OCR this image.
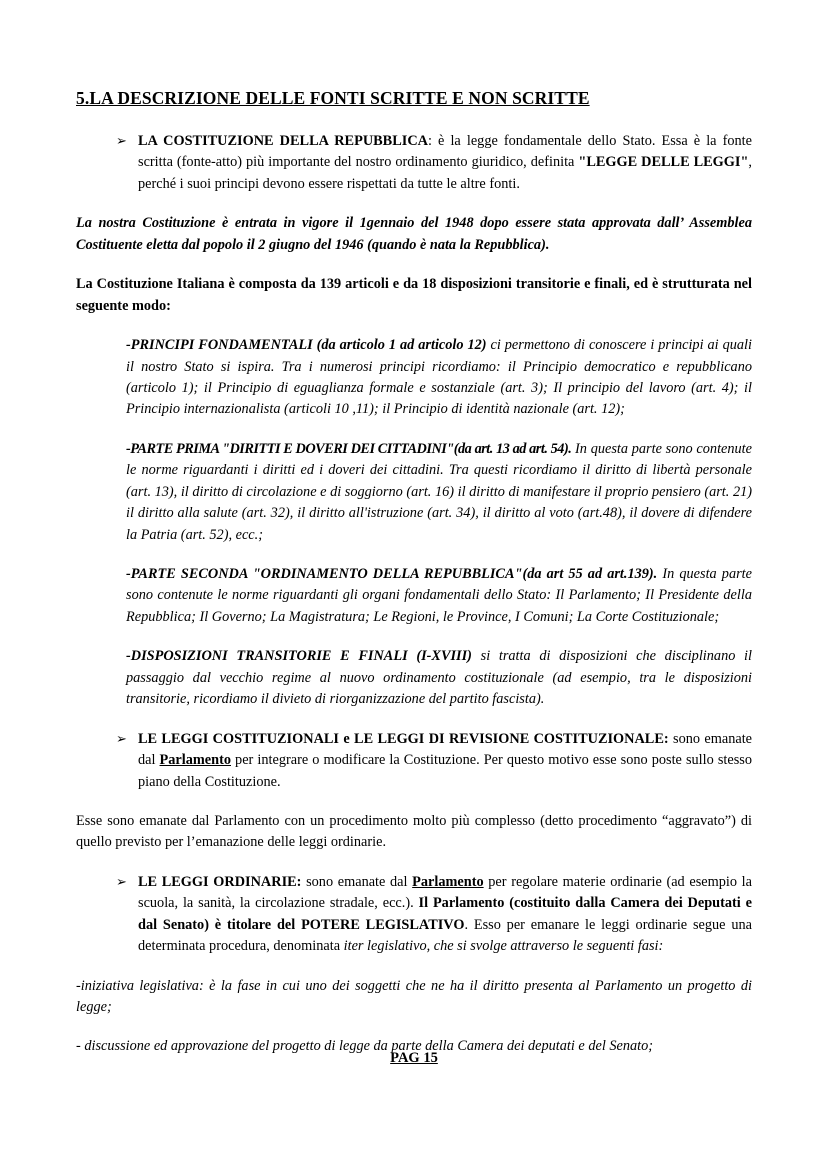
5.LA DESCRIZIONE DELLE FONTI SCRITTE E NON SCRITTE
➢ LA COSTITUZIONE DELLA REPUBBLICA: è la legge fondamentale dello Stato. Essa è la fonte scritta (fonte-atto) più importante del nostro ordinamento giuridico, definita "LEGGE DELLE LEGGI", perché i suoi principi devono essere rispettati da tutte le altre fonti.

La nostra Costituzione è entrata in vigore il 1gennaio del 1948 dopo essere stata approvata dall’ Assemblea Costituente eletta dal popolo il 2 giugno del 1946 (quando è nata la Repubblica).

La Costituzione Italiana è composta da 139 articoli e da 18 disposizioni transitorie e finali, ed è strutturata nel seguente modo:

-PRINCIPI FONDAMENTALI (da articolo 1 ad articolo 12) ci permettono di conoscere i principi ai quali il nostro Stato si ispira. Tra i numerosi principi ricordiamo: il Principio democratico e repubblicano (articolo 1); il Principio di eguaglianza formale e sostanziale (art. 3); Il principio del lavoro (art. 4); il Principio internazionalista (articoli 10 ,11); il Principio di identità nazionale (art. 12);
-PARTE PRIMA "DIRITTI E DOVERI DEI CITTADINI"(da art. 13 ad art. 54). In questa parte sono contenute le norme riguardanti i diritti ed i doveri dei cittadini. Tra questi ricordiamo il diritto di libertà personale (art. 13), il diritto di circolazione e di soggiorno (art. 16) il diritto di manifestare il proprio pensiero (art. 21) il diritto alla salute (art. 32), il diritto all'istruzione (art. 34), il diritto al voto (art.48), il dovere di difendere la Patria (art. 52), ecc.;
-PARTE SECONDA "ORDINAMENTO DELLA REPUBBLICA"(da art 55 ad art.139). In questa parte sono contenute le norme riguardanti gli organi fondamentali dello Stato: Il Parlamento; Il Presidente della Repubblica; Il Governo; La Magistratura; Le Regioni, le Province, I Comuni; La Corte Costituzionale;
-DISPOSIZIONI TRANSITORIE E FINALI (I-XVIII) si tratta di disposizioni che disciplinano il passaggio dal vecchio regime al nuovo ordinamento costituzionale (ad esempio, tra le disposizioni transitorie, ricordiamo il divieto di riorganizzazione del partito fascista).
➢ LE LEGGI COSTITUZIONALI e LE LEGGI DI REVISIONE COSTITUZIONALE: sono emanate dal Parlamento per integrare o modificare la Costituzione. Per questo motivo esse sono poste sullo stesso piano della Costituzione.

Esse sono emanate dal Parlamento con un procedimento molto più complesso (detto procedimento “aggravato”) di quello previsto per l’emanazione delle leggi ordinarie.

➢ LE LEGGI ORDINARIE: sono emanate dal Parlamento per regolare materie ordinarie (ad esempio la scuola, la sanità, la circolazione stradale, ecc.). Il Parlamento (costituito dalla Camera dei Deputati e dal Senato) è titolare del POTERE LEGISLATIVO. Esso per emanare le leggi ordinarie segue una determinata procedura, denominata iter legislativo, che si svolge attraverso le seguenti fasi:

-iniziativa legislativa: è la fase in cui uno dei soggetti che ne ha il diritto presenta al Parlamento un progetto di legge;

- discussione ed approvazione del progetto di legge da parte della Camera dei deputati e del Senato;

PAG 15
